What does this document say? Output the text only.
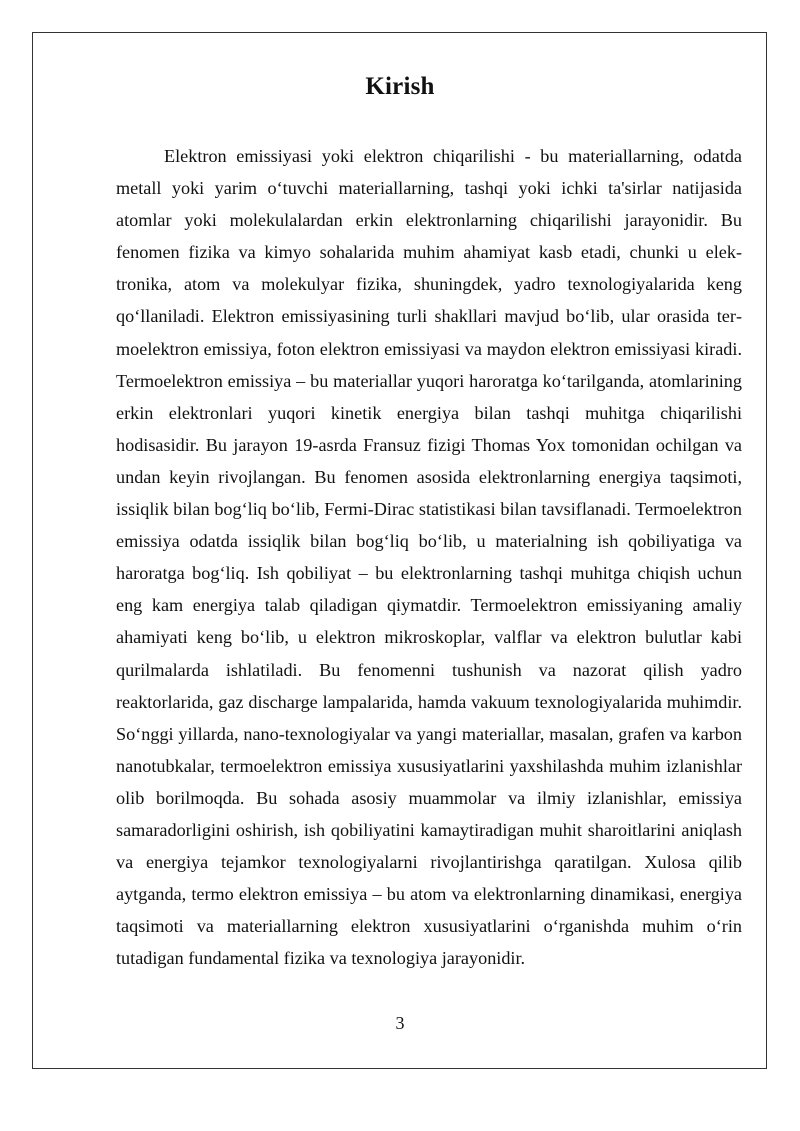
Kirish

Elektron emissiyasi yoki elektron chiqarilishi - bu materiallarning, odatda metall yoki yarim o‘tuvchi materiallarning, tashqi yoki ichki ta'sirlar natijasida atomlar yoki molekulalardan erkin elektronlarning chiqarilishi jarayonidir. Bu fenomen fizika va kimyo sohalarida muhim ahamiyat kasb etadi, chunki u elektronika, atom va molekulyar fizika, shuningdek, yadro texnologiyalarida keng qo‘llaniladi. Elektron emissiyasining turli shakllari mavjud bo‘lib, ular orasida termoelektron emissiya, foton elektron emissiyasi va maydon elektron emissiyasi kiradi. Termoelektron emissiya – bu materiallar yuqori haroratga ko‘tarilganda, atomlarining erkin elektronlari yuqori kinetik energiya bilan tashqi muhitga chiqarilishi hodisasidir. Bu jarayon 19-asrda Fransuz fizigi Thomas Yox tomonidan ochilgan va undan keyin rivojlangan. Bu fenomen asosida elektronlarning energiya taqsimoti, issiqlik bilan bog‘liq bo‘lib, Fermi-Dirac statistikasi bilan tavsiflanadi. Termoelektron emissiya odatda issiqlik bilan bog‘liq bo‘lib, u materialning ish qobiliyatiga va haroratga bog‘liq. Ish qobiliyat – bu elektronlarning tashqi muhitga chiqish uchun eng kam energiya talab qiladigan qiymatdir. Termoelektron emissiyaning amaliy ahamiyati keng bo‘lib, u elektron mikroskoplar, valflar va elektron bulutlar kabi qurilmalarda ishlatiladi. Bu fenomenni tushunish va nazorat qilish yadro reaktorlarida, gaz discharge lampalarida, hamda vakuum texnologiyalarida muhimdir. So‘nggi yillarda, nano-texnologiyalar va yangi materiallar, masalan, grafen va karbon nanotubkalar, termoelektron emissiya xususiyatlarini yaxshilashda muhim izlanishlar olib borilmoqda. Bu sohada asosiy muammolar va ilmiy izlanishlar, emissiya samaradorligini oshirish, ish qobiliyatini kamaytiradigan muhit sharoitlarini aniqlash va energiya tejamkor texnologiyalarni rivojlantirishga qaratilgan. Xulosa qilib aytganda, termo elektron emissiya – bu atom va elektronlarning dinamikasi, energiya taqsimoti va materiallarning elektron xususiyatlarini o‘rganishda muhim o‘rin tutadigan fundamental fizika va texnologiya jarayonidir.

3
